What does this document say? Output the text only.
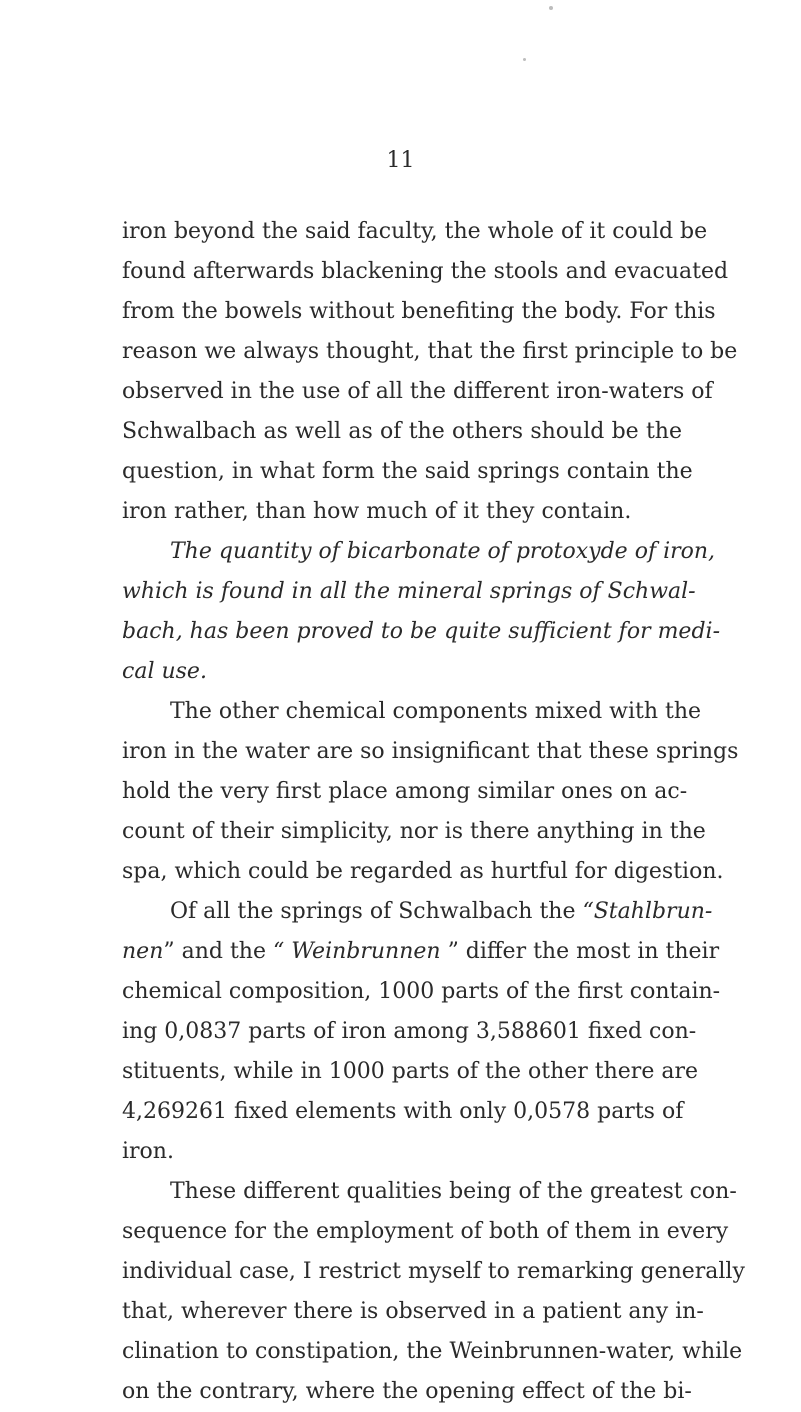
11
iron beyond the said faculty, the whole of it could be
found afterwards blackening the stools and evacuated
from the bowels without benefiting the body. For this
reason we always thought, that the first principle to be
observed in the use of all the different iron-waters of
Schwalbach as well as of the others should be the
question, in what form the said springs contain the
iron rather, than how much of it they contain.
The quantity of bicarbonate of protoxyde of iron,
which is found in all the mineral springs of Schwal-
bach, has been proved to be quite sufficient for medi-
cal use.
The other chemical components mixed with the
iron in the water are so insignificant that these springs
hold the very first place among similar ones on ac-
count of their simplicity, nor is there anything in the
spa, which could be regarded as hurtful for digestion.
Of all the springs of Schwalbach the “Stahlbrun-
nen” and the “ Weinbrunnen ” differ the most in their
chemical composition, 1000 parts of the first contain-
ing 0,0837 parts of iron among 3,588601 fixed con-
stituents, while in 1000 parts of the other there are
4,269261 fixed elements with only 0,0578 parts of
iron.
These different qualities being of the greatest con-
sequence for the employment of both of them in every
individual case, I restrict myself to remarking generally
that, wherever there is observed in a patient any in-
clination to constipation, the Weinbrunnen-water, while
on the contrary, where the opening effect of the bi-
